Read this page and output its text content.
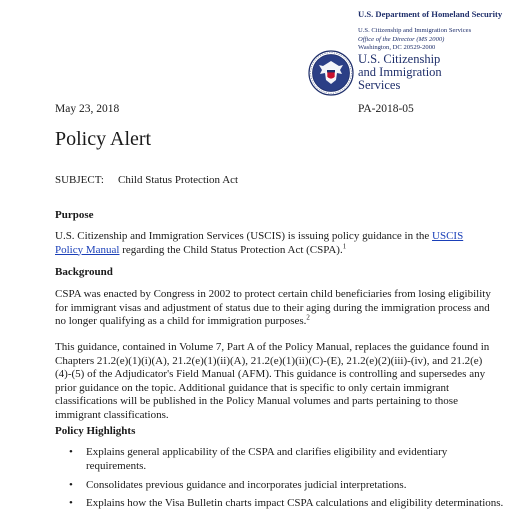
U.S. Department of Homeland Security
U.S. Citizenship and Immigration Services
Office of the Director (MS 2000)
Washington, DC 20529-2000
U.S. Citizenship
and Immigration
Services
May 23, 2018	PA-2018-05
Policy Alert
SUBJECT: Child Status Protection Act
Purpose

U.S. Citizenship and Immigration Services (USCIS) is issuing policy guidance in the USCIS
Policy Manual regarding the Child Status Protection Act (CSPA).$^1$

Background

CSPA was enacted by Congress in 2002 to protect certain child beneficiaries from losing eligibility for immigrant visas and adjustment of status due to their aging during the immigration process and no longer qualifying as a child for immigration purposes.$^2$

This guidance, contained in Volume 7, Part A of the Policy Manual, replaces the guidance found in Chapters 21.2(e)(1)(i)(A), 21.2(e)(1)(ii)(A), 21.2(e)(1)(ii)(C)-(E), 21.2(e)(2)(iii)-(iv), and 21.2(e)(4)-(5) of the Adjudicator's Field Manual (AFM). This guidance is controlling and supersedes any prior guidance on the topic. Additional guidance that is specific to only certain immigrant classifications will be published in the Policy Manual volumes and parts pertaining to those immigrant classifications.

Policy Highlights
• Explains general applicability of the CSPA and clarifies eligibility and evidentiary requirements.
• Consolidates previous guidance and incorporates judicial interpretations.
• Explains how the Visa Bulletin charts impact CSPA calculations and eligibility determinations.
